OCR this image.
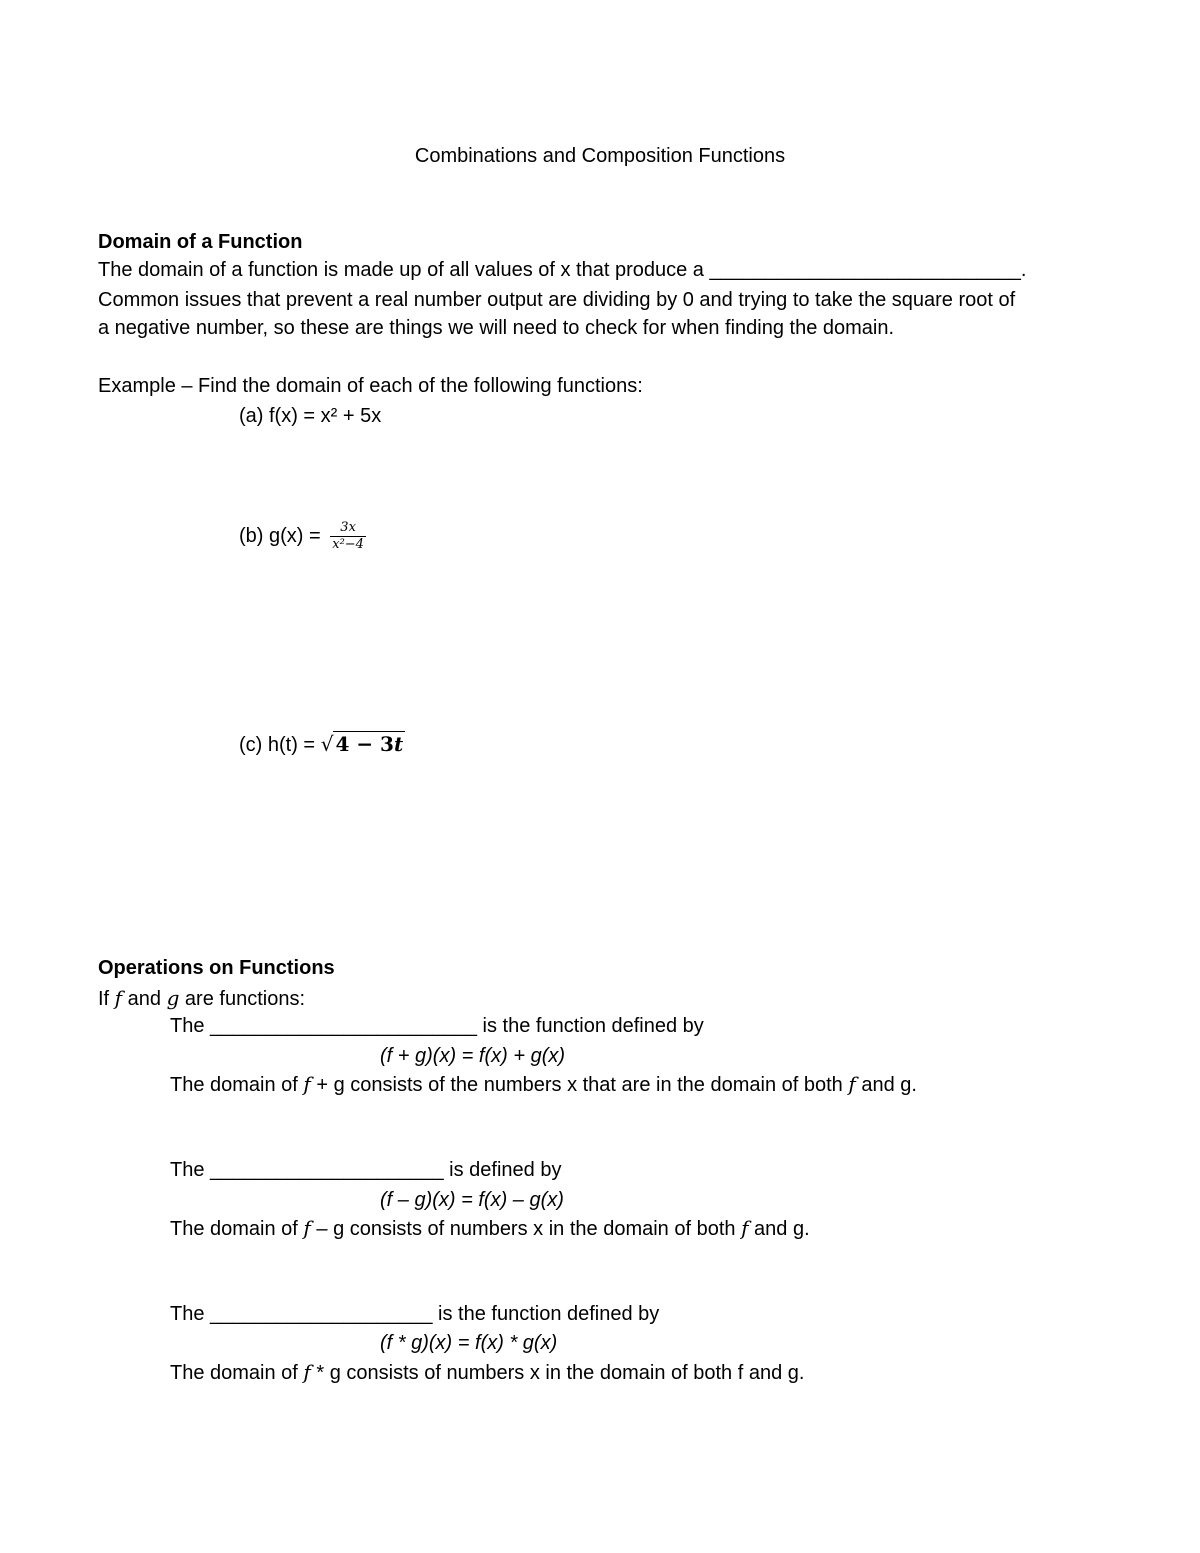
Combinations and Composition Functions
Domain of a Function
The domain of a function is made up of all values of x that produce a ____________________________.
Common issues that prevent a real number output are dividing by 0 and trying to take the square root of
a negative number, so these are things we will need to check for when finding the domain.
Example – Find the domain of each of the following functions:
(a) f(x) = x² + 5x
(b) $g(x) = \frac{3x}{\text{x²−4}}$
(c) h(t) = √ 4 − 3t
Operations on Functions
If f and g are functions:
The ________________________ is the function defined by
(f + g)(x) = f(x) + g(x)
The domain of f + g consists of the numbers x that are in the domain of both f and g.
The _____________________ is defined by
(f – g)(x) = f(x) – g(x)
The domain of f – g consists of numbers x in the domain of both f and g.
The ____________________ is the function defined by
(f * g)(x) = f(x) * g(x)
The domain of f * g consists of numbers x in the domain of both f and g.
